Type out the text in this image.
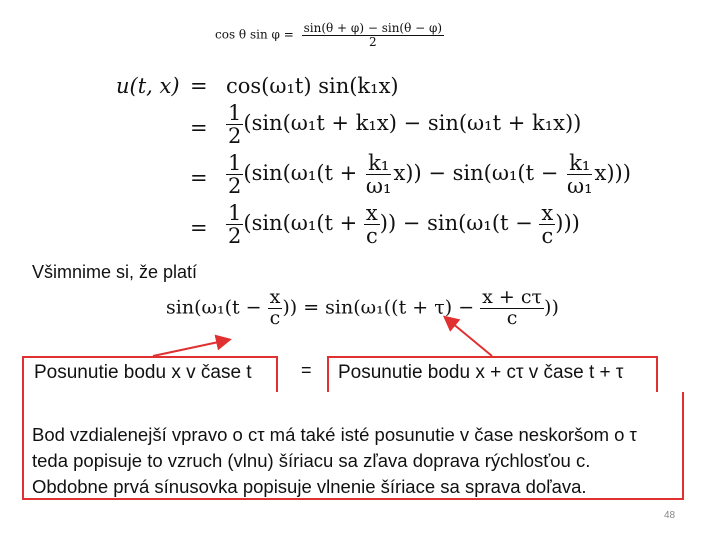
cos θ $\sin \varphi = \frac{\sin(\theta + \varphi) - \sin(\theta - \varphi)}{2}$
u(t, x) = cos(ω₁t) sin(k₁x)
= $\frac{1}{2} (\sin(\omega_1t + k_1x) - \sin(\omega_1t + k_1x))$
= $\frac{1}{2} (\sin(\omega_1(t + \frac{\text{k₁}}{\text{ω₁}} x)) - \sin(\omega_1(t - \frac{\text{k₁}}{\text{ω₁}} x)))$
= $\frac{1}{2} (\sin(\omega_1(t + \frac{x}{c}$ )) − $\sin(\omega_1(t - \frac{x}{c}$ )))
Všimnime si, že platí
$\sin(\omega_1(t - \frac{x}{c}$ )) = $\sin(\omega_1((t + \tau) - \frac{x + c\tau}{c}$ ))
Posunutie bodu x v čase t	= Posunutie bodu x + cτ v čase t + τ
Bod vzdialenejší vpravo o cτ má také isté posunutie v čase neskoršom o τ
teda popisuje to vzruch (vlnu) šíriacu sa zľava doprava rýchlosťou c.
Obdobne prvá sínusovka popisuje vlnenie šíriace sa sprava doľava.
48
